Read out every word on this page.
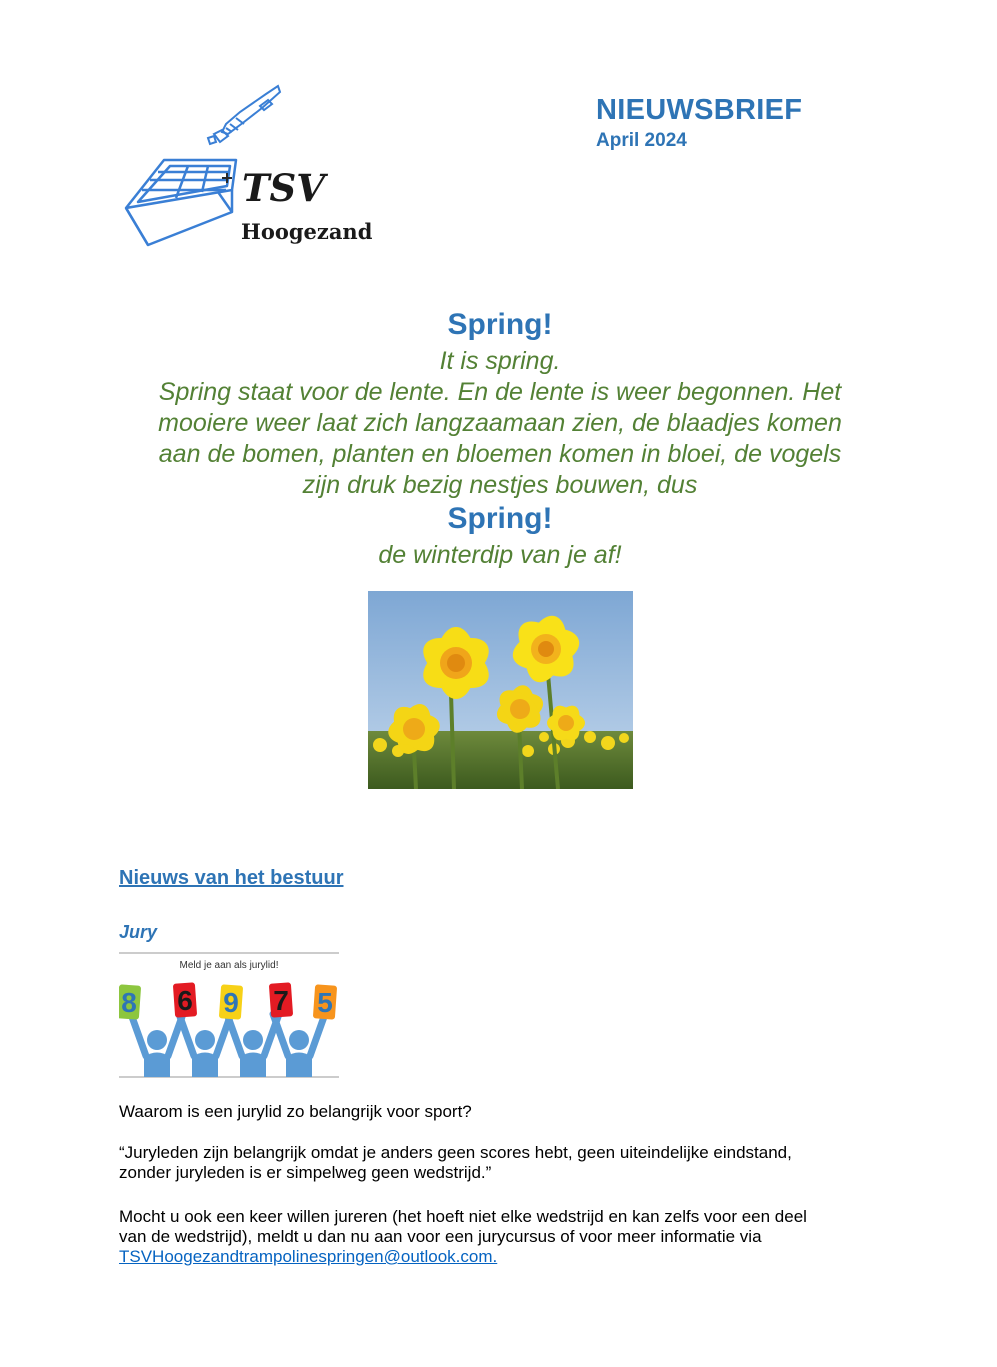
TSV
Hoogezand
NIEUWSBRIEF
April 2024
Spring!
It is spring.
Spring staat voor de lente. En de lente is weer begonnen. Het
mooiere weer laat zich langzaamaan zien, de blaadjes komen
aan de bomen, planten en bloemen komen in bloei, de vogels
zijn druk bezig nestjes bouwen, dus
Spring!
de winterdip van je af!
Nieuws van het bestuur
Jury
Meld je aan als jurylid!
8 6 9 7 5
Waarom is een jurylid zo belangrijk voor sport?
“Juryleden zijn belangrijk omdat je anders geen scores hebt, geen uiteindelijke eindstand,
zonder juryleden is er simpelweg geen wedstrijd.”
Mocht u ook een keer willen jureren (het hoeft niet elke wedstrijd en kan zelfs voor een deel
van de wedstrijd), meldt u dan nu aan voor een jurycursus of voor meer informatie via
TSVHoogezandtrampolinespringen@outlook.com.
